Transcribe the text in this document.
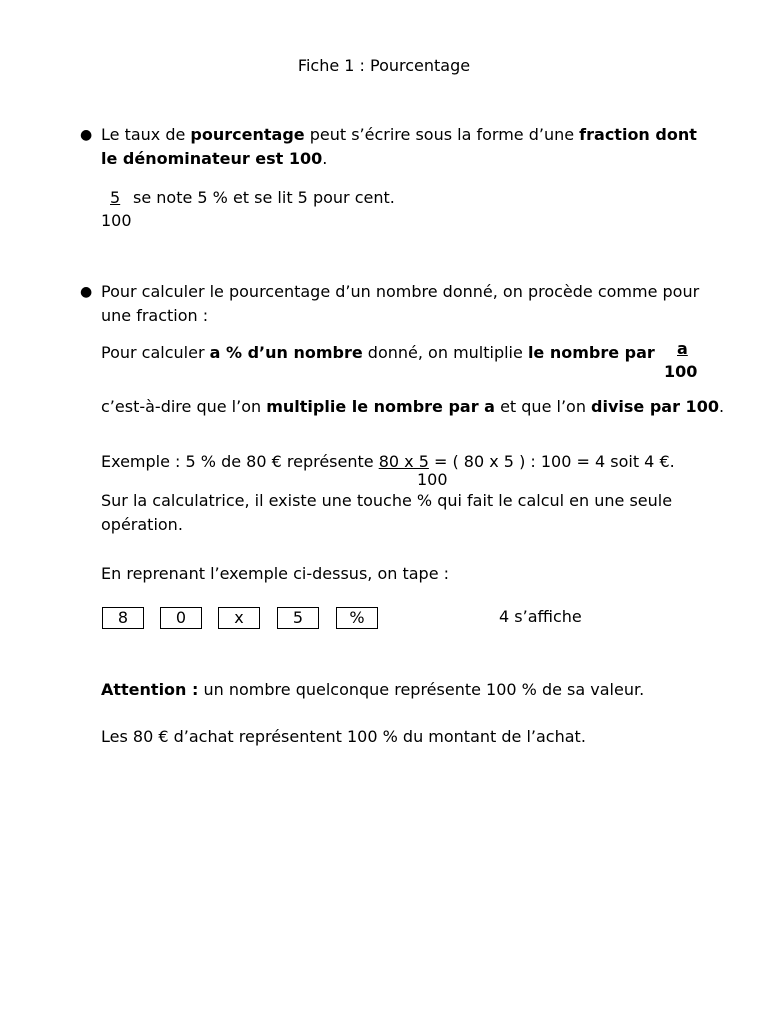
Fiche 1 : Pourcentage
● Le taux de pourcentage peut s’écrire sous la forme d’une fraction dont
le dénominateur est 100.
5 se note 5 % et se lit 5 pour cent.
100
● Pour calculer le pourcentage d’un nombre donné, on procède comme pour
une fraction :
Pour calculer a % d’un nombre donné, on multiplie le nombre par a
100
c’est-à-dire que l’on multiplie le nombre par a et que l’on divise par 100.
Exemple : 5 % de 80 € représente 80 x 5 = ( 80 x 5 ) : 100 = 4 soit 4 €.
100
Sur la calculatrice, il existe une touche % qui fait le calcul en une seule
opération.
En reprenant l’exemple ci-dessus, on tape :
8	0	x	5	%	4 s’affiche
Attention : un nombre quelconque représente 100 % de sa valeur.
Les 80 € d’achat représentent 100 % du montant de l’achat.
